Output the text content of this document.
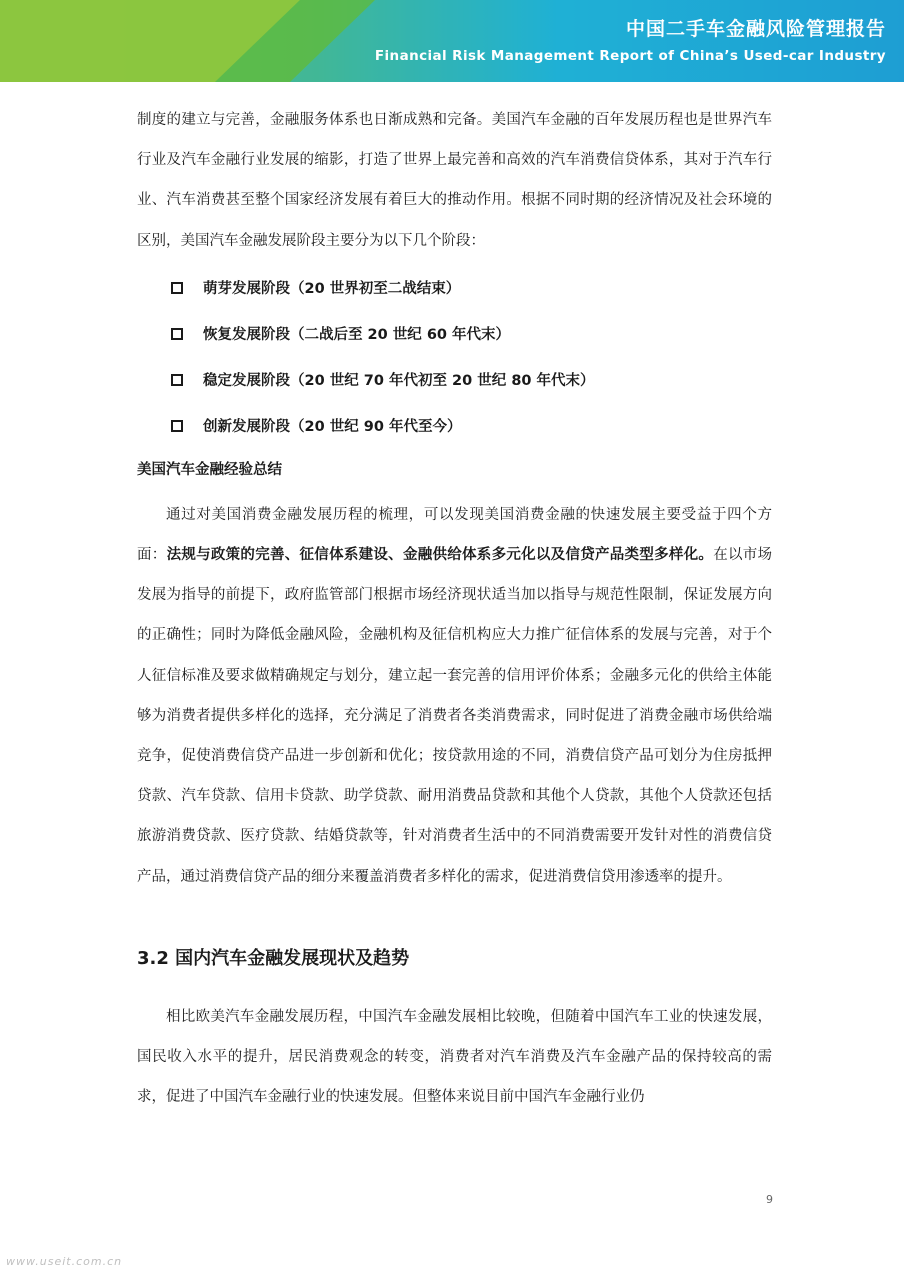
中国二手车金融风险管理报告
Financial Risk Management Report of China’s Used-car Industry

制度的建立与完善，金融服务体系也日渐成熟和完备。美国汽车金融的百年发展历程也是世界汽车行业及汽车金融行业发展的缩影，打造了世界上最完善和高效的汽车消费信贷体系，其对于汽车行业、汽车消费甚至整个国家经济发展有着巨大的推动作用。根据不同时期的经济情况及社会环境的区别，美国汽车金融发展阶段主要分为以下几个阶段：

萌芽发展阶段（20 世界初至二战结束）
恢复发展阶段（二战后至 20 世纪 60 年代末）
稳定发展阶段（20 世纪 70 年代初至 20 世纪 80 年代末）
创新发展阶段（20 世纪 90 年代至今）
美国汽车金融经验总结

通过对美国消费金融发展历程的梳理，可以发现美国消费金融的快速发展主要受益于四个方面：法规与政策的完善、征信体系建设、金融供给体系多元化以及信贷产品类型多样化。在以市场发展为指导的前提下，政府监管部门根据市场经济现状适当加以指导与规范性限制，保证发展方向的正确性；同时为降低金融风险，金融机构及征信机构应大力推广征信体系的发展与完善，对于个人征信标准及要求做精确规定与划分，建立起一套完善的信用评价体系；金融多元化的供给主体能够为消费者提供多样化的选择，充分满足了消费者各类消费需求，同时促进了消费金融市场供给端竞争，促使消费信贷产品进一步创新和优化；按贷款用途的不同，消费信贷产品可划分为住房抵押贷款、汽车贷款、信用卡贷款、助学贷款、耐用消费品贷款和其他个人贷款，其他个人贷款还包括旅游消费贷款、医疗贷款、结婚贷款等，针对消费者生活中的不同消费需要开发针对性的消费信贷产品，通过消费信贷产品的细分来覆盖消费者多样化的需求，促进消费信贷用渗透率的提升。

3.2 国内汽车金融发展现状及趋势

相比欧美汽车金融发展历程，中国汽车金融发展相比较晚，但随着中国汽车工业的快速发展，国民收入水平的提升，居民消费观念的转变，消费者对汽车消费及汽车金融产品的保持较高的需求，促进了中国汽车金融行业的快速发展。但整体来说目前中国汽车金融行业仍

9
www.useit.com.cn
